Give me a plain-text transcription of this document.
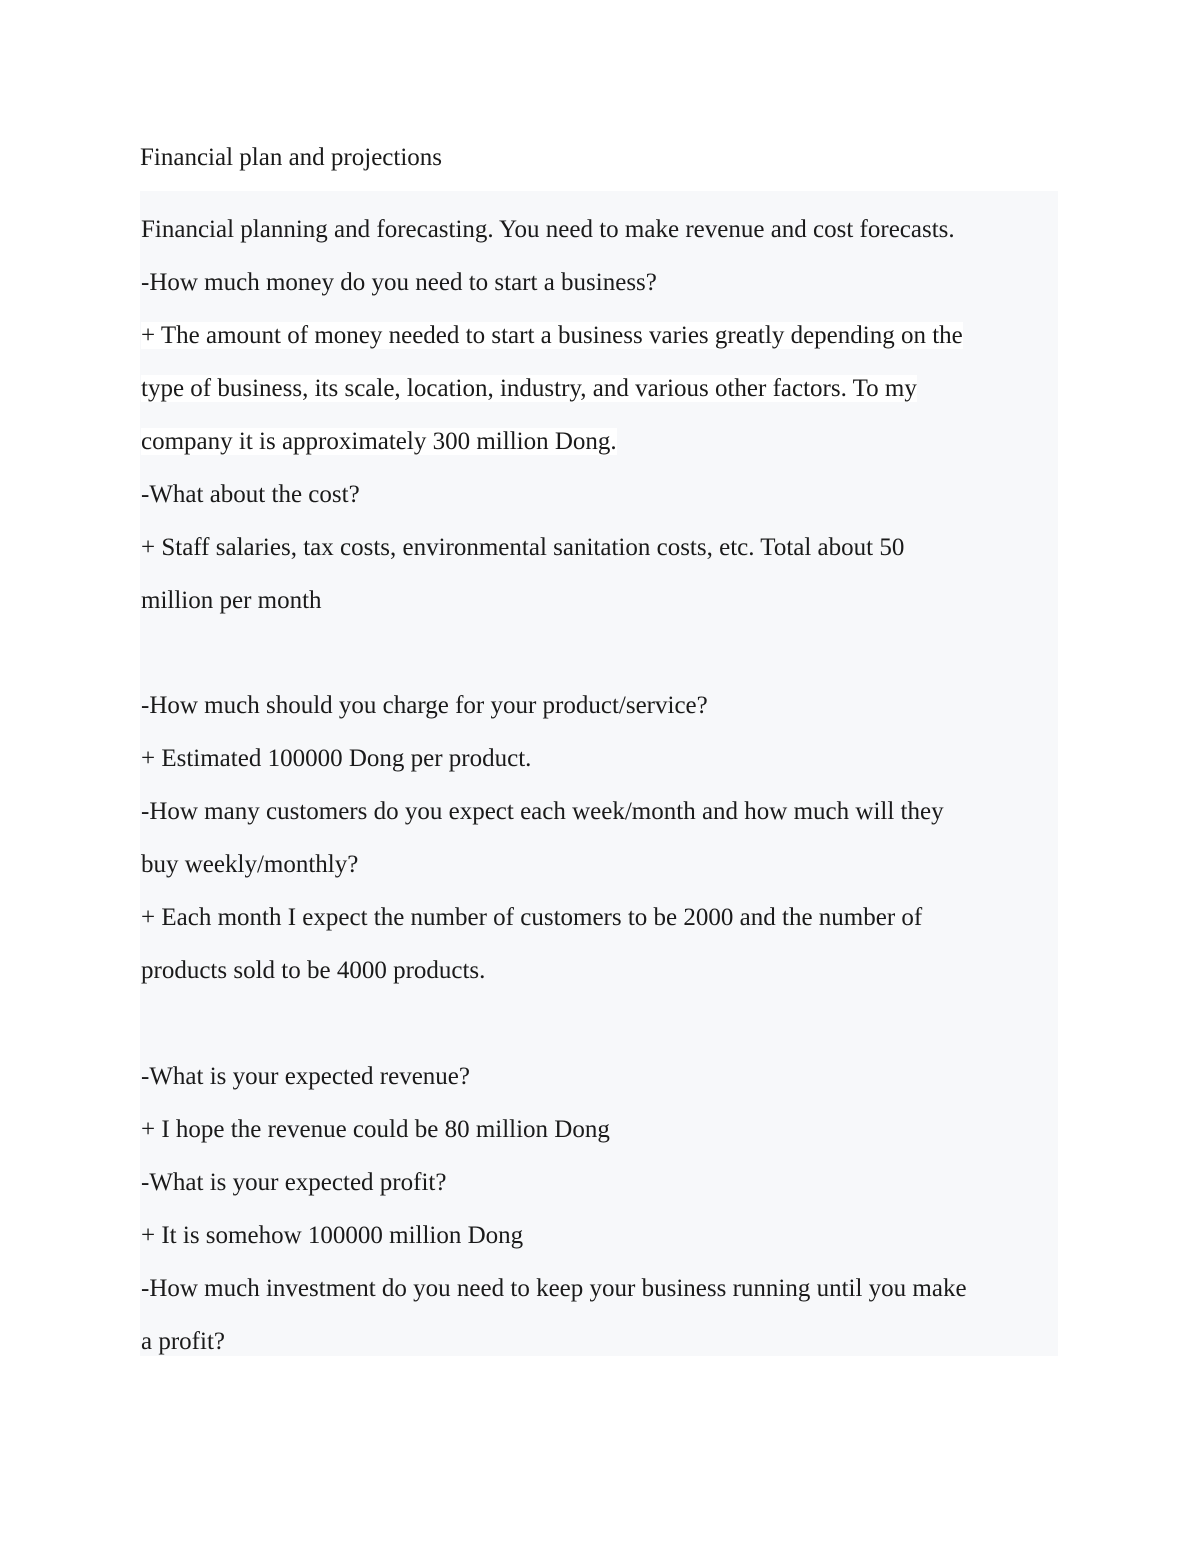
Financial plan and projections
Financial planning and forecasting. You need to make revenue and cost forecasts.
-How much money do you need to start a business?
+ The amount of money needed to start a business varies greatly depending on the
type of business, its scale, location, industry, and various other factors. To my
company it is approximately 300 million Dong.
-What about the cost?
+ Staff salaries, tax costs, environmental sanitation costs, etc. Total about 50
million per month
-How much should you charge for your product/service?
+ Estimated 100000 Dong per product.
-How many customers do you expect each week/month and how much will they
buy weekly/monthly?
+ Each month I expect the number of customers to be 2000 and the number of
products sold to be 4000 products.
-What is your expected revenue?
+ I hope the revenue could be 80 million Dong
-What is your expected profit?
+ It is somehow 100000 million Dong
-How much investment do you need to keep your business running until you make
a profit?
